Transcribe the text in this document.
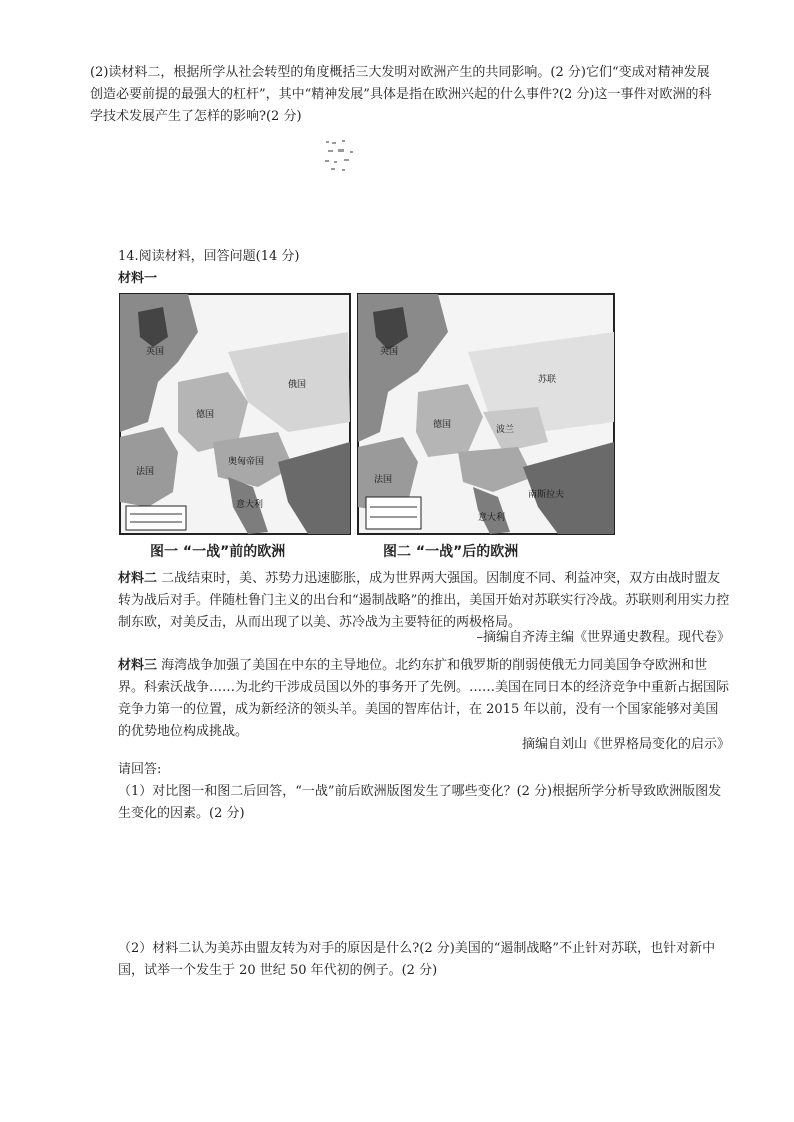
(2)读材料二，根据所学从社会转型的角度概括三大发明对欧洲产生的共同影响。(2 分)它们“变成对精神发展创造必要前提的最强大的杠杆”，其中“精神发展”具体是指在欧洲兴起的什么事件?(2 分)这一事件对欧洲的科学技术发展产生了怎样的影响?(2 分)
14.阅读材料，回答问题(14 分)
材料一
英国
法国
德国
俄国
奥匈帝国
意大利
英国
法国
德国
苏联
波兰
南斯拉夫
意大利
图一 “一战”前的欧洲	图二 “一战”后的欧洲
材料二 二战结束时，美、苏势力迅速膨胀，成为世界两大强国。因制度不同、利益冲突，双方由战时盟友转为战后对手。伴随杜鲁门主义的出台和“遏制战略”的推出，美国开始对苏联实行冷战。苏联则利用实力控制东欧，对美反击，从而出现了以美、苏冷战为主要特征的两极格局。
–摘编自齐涛主编《世界通史教程。现代卷》
材料三 海湾战争加强了美国在中东的主导地位。北约东扩和俄罗斯的削弱使俄无力同美国争夺欧洲和世界。科索沃战争……为北约干涉成员国以外的事务开了先例。……美国在同日本的经济竞争中重新占据国际竞争力第一的位置，成为新经济的领头羊。美国的智库估计，在 2015 年以前，没有一个国家能够对美国的优势地位构成挑战。
摘编自刘山《世界格局变化的启示》
请回答:
（1）对比图一和图二后回答，“一战”前后欧洲版图发生了哪些变化？(2 分)根据所学分析导致欧洲版图发生变化的因素。(2 分)
（2）材料二认为美苏由盟友转为对手的原因是什么?(2 分)美国的“遏制战略”不止针对苏联，也针对新中国，试举一个发生于 20 世纪 50 年代初的例子。(2 分)
